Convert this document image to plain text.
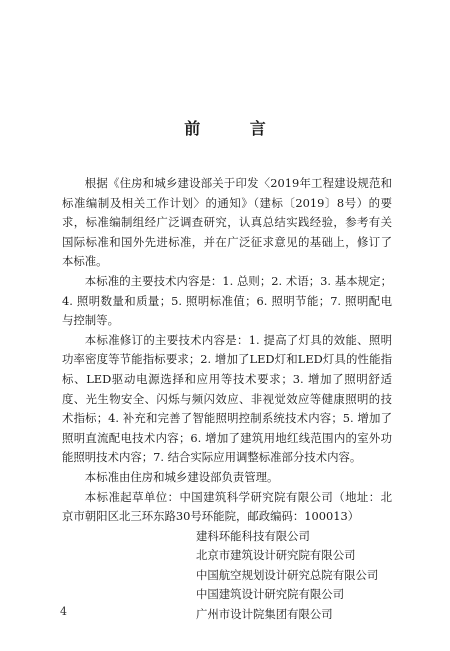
前 言

根据《住房和城乡建设部关于印发〈2019年工程建设规范和标准编制及相关工作计划〉的通知》（建标〔2019〕8号）的要求，标准编制组经广泛调查研究，认真总结实践经验，参考有关国际标准和国外先进标准，并在广泛征求意见的基础上，修订了本标准。

本标准的主要技术内容是：1. 总则；2. 术语；3. 基本规定；4. 照明数量和质量；5. 照明标准值；6. 照明节能；7. 照明配电与控制等。

本标准修订的主要技术内容是：1. 提高了灯具的效能、照明功率密度等节能指标要求；2. 增加了LED灯和LED灯具的性能指标、LED驱动电源选择和应用等技术要求；3. 增加了照明舒适度、光生物安全、闪烁与频闪效应、非视觉效应等健康照明的技术指标；4. 补充和完善了智能照明控制系统技术内容；5. 增加了照明直流配电技术内容；6. 增加了建筑用地红线范围内的室外功能照明技术内容；7. 结合实际应用调整标准部分技术内容。

本标准由住房和城乡建设部负责管理。

本标准起草单位：中国建筑科学研究院有限公司（地址：北京市朝阳区北三环东路30号环能院，邮政编码：100013）

建科环能科技有限公司
北京市建筑设计研究院有限公司
中国航空规划设计研究总院有限公司
中国建筑设计研究院有限公司
广州市设计院集团有限公司
4
